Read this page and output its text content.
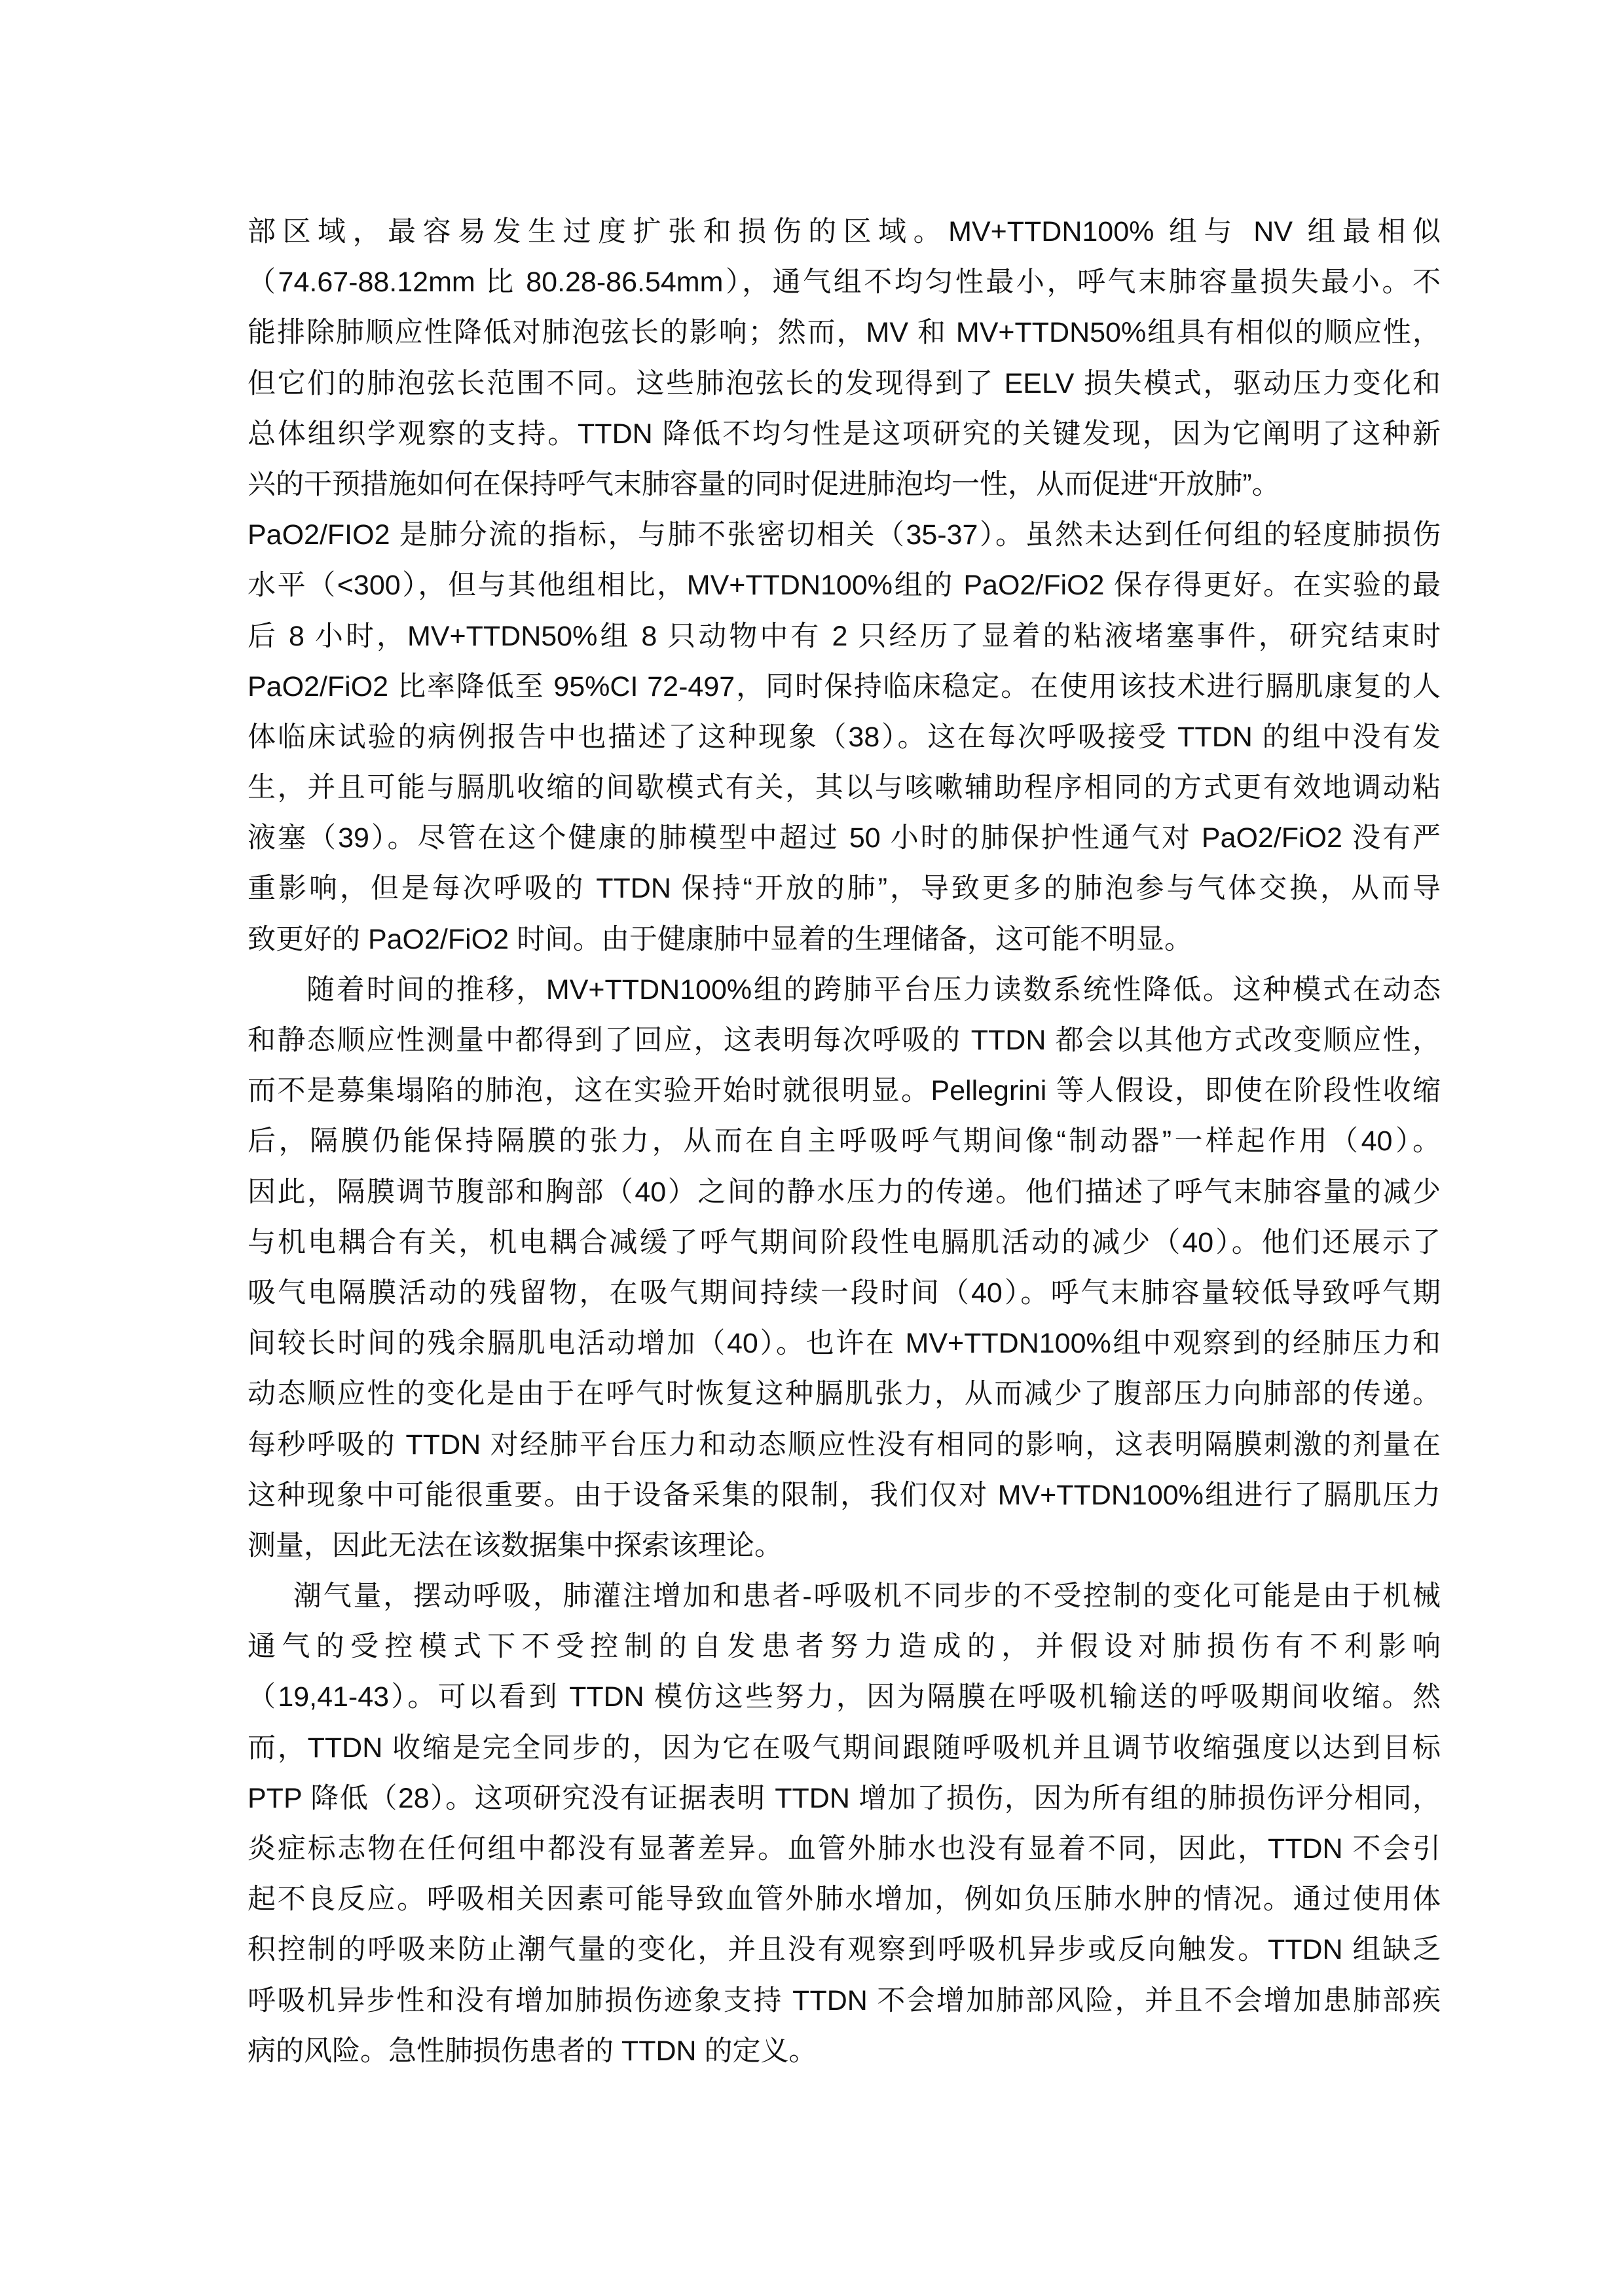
部区域，最容易发生过度扩张和损伤的区域。MV+TTDN100% 组与 NV 组最相似
（74.67-88.12mm 比 80.28-86.54mm），通气组不均匀性最小，呼气末肺容量损失最小。不
能排除肺顺应性降低对肺泡弦长的影响；然而，MV 和 MV+TTDN50%组具有相似的顺应性，
但它们的肺泡弦长范围不同。这些肺泡弦长的发现得到了 EELV 损失模式，驱动压力变化和
总体组织学观察的支持。TTDN 降低不均匀性是这项研究的关键发现，因为它阐明了这种新
兴的干预措施如何在保持呼气末肺容量的同时促进肺泡均一性，从而促进“开放肺”。
PaO2/FIO2 是肺分流的指标，与肺不张密切相关（35-37）。虽然未达到任何组的轻度肺损伤
水平（<300），但与其他组相比，MV+TTDN100%组的 PaO2/FiO2 保存得更好。在实验的最
后 8 小时，MV+TTDN50%组 8 只动物中有 2 只经历了显着的粘液堵塞事件，研究结束时
PaO2/FiO2 比率降低至 95%CI 72-497，同时保持临床稳定。在使用该技术进行膈肌康复的人
体临床试验的病例报告中也描述了这种现象（38）。这在每次呼吸接受 TTDN 的组中没有发
生，并且可能与膈肌收缩的间歇模式有关，其以与咳嗽辅助程序相同的方式更有效地调动粘
液塞（39）。尽管在这个健康的肺模型中超过 50 小时的肺保护性通气对 PaO2/FiO2 没有严
重影响，但是每次呼吸的 TTDN 保持“开放的肺”，导致更多的肺泡参与气体交换，从而导
致更好的 PaO2/FiO2 时间。由于健康肺中显着的生理储备，这可能不明显。
随着时间的推移，MV+TTDN100%组的跨肺平台压力读数系统性降低。这种模式在动态
和静态顺应性测量中都得到了回应，这表明每次呼吸的 TTDN 都会以其他方式改变顺应性，
而不是募集塌陷的肺泡，这在实验开始时就很明显。Pellegrini 等人假设，即使在阶段性收缩
后，隔膜仍能保持隔膜的张力，从而在自主呼吸呼气期间像“制动器”一样起作用（40）。
因此，隔膜调节腹部和胸部（40）之间的静水压力的传递。他们描述了呼气末肺容量的减少
与机电耦合有关，机电耦合减缓了呼气期间阶段性电膈肌活动的减少（40）。他们还展示了
吸气电隔膜活动的残留物，在吸气期间持续一段时间（40）。呼气末肺容量较低导致呼气期
间较长时间的残余膈肌电活动增加（40）。也许在 MV+TTDN100%组中观察到的经肺压力和
动态顺应性的变化是由于在呼气时恢复这种膈肌张力，从而减少了腹部压力向肺部的传递。
每秒呼吸的 TTDN 对经肺平台压力和动态顺应性没有相同的影响，这表明隔膜刺激的剂量在
这种现象中可能很重要。由于设备采集的限制，我们仅对 MV+TTDN100%组进行了膈肌压力
测量，因此无法在该数据集中探索该理论。
潮气量，摆动呼吸，肺灌注增加和患者-呼吸机不同步的不受控制的变化可能是由于机械
通气的受控模式下不受控制的自发患者努力造成的，并假设对肺损伤有不利影响
（19,41-43）。可以看到 TTDN 模仿这些努力，因为隔膜在呼吸机输送的呼吸期间收缩。然
而，TTDN 收缩是完全同步的，因为它在吸气期间跟随呼吸机并且调节收缩强度以达到目标
PTP 降低（28）。这项研究没有证据表明 TTDN 增加了损伤，因为所有组的肺损伤评分相同，
炎症标志物在任何组中都没有显著差异。血管外肺水也没有显着不同，因此，TTDN 不会引
起不良反应。呼吸相关因素可能导致血管外肺水增加，例如负压肺水肿的情况。通过使用体
积控制的呼吸来防止潮气量的变化，并且没有观察到呼吸机异步或反向触发。TTDN 组缺乏
呼吸机异步性和没有增加肺损伤迹象支持 TTDN 不会增加肺部风险，并且不会增加患肺部疾
病的风险。急性肺损伤患者的 TTDN 的定义。
